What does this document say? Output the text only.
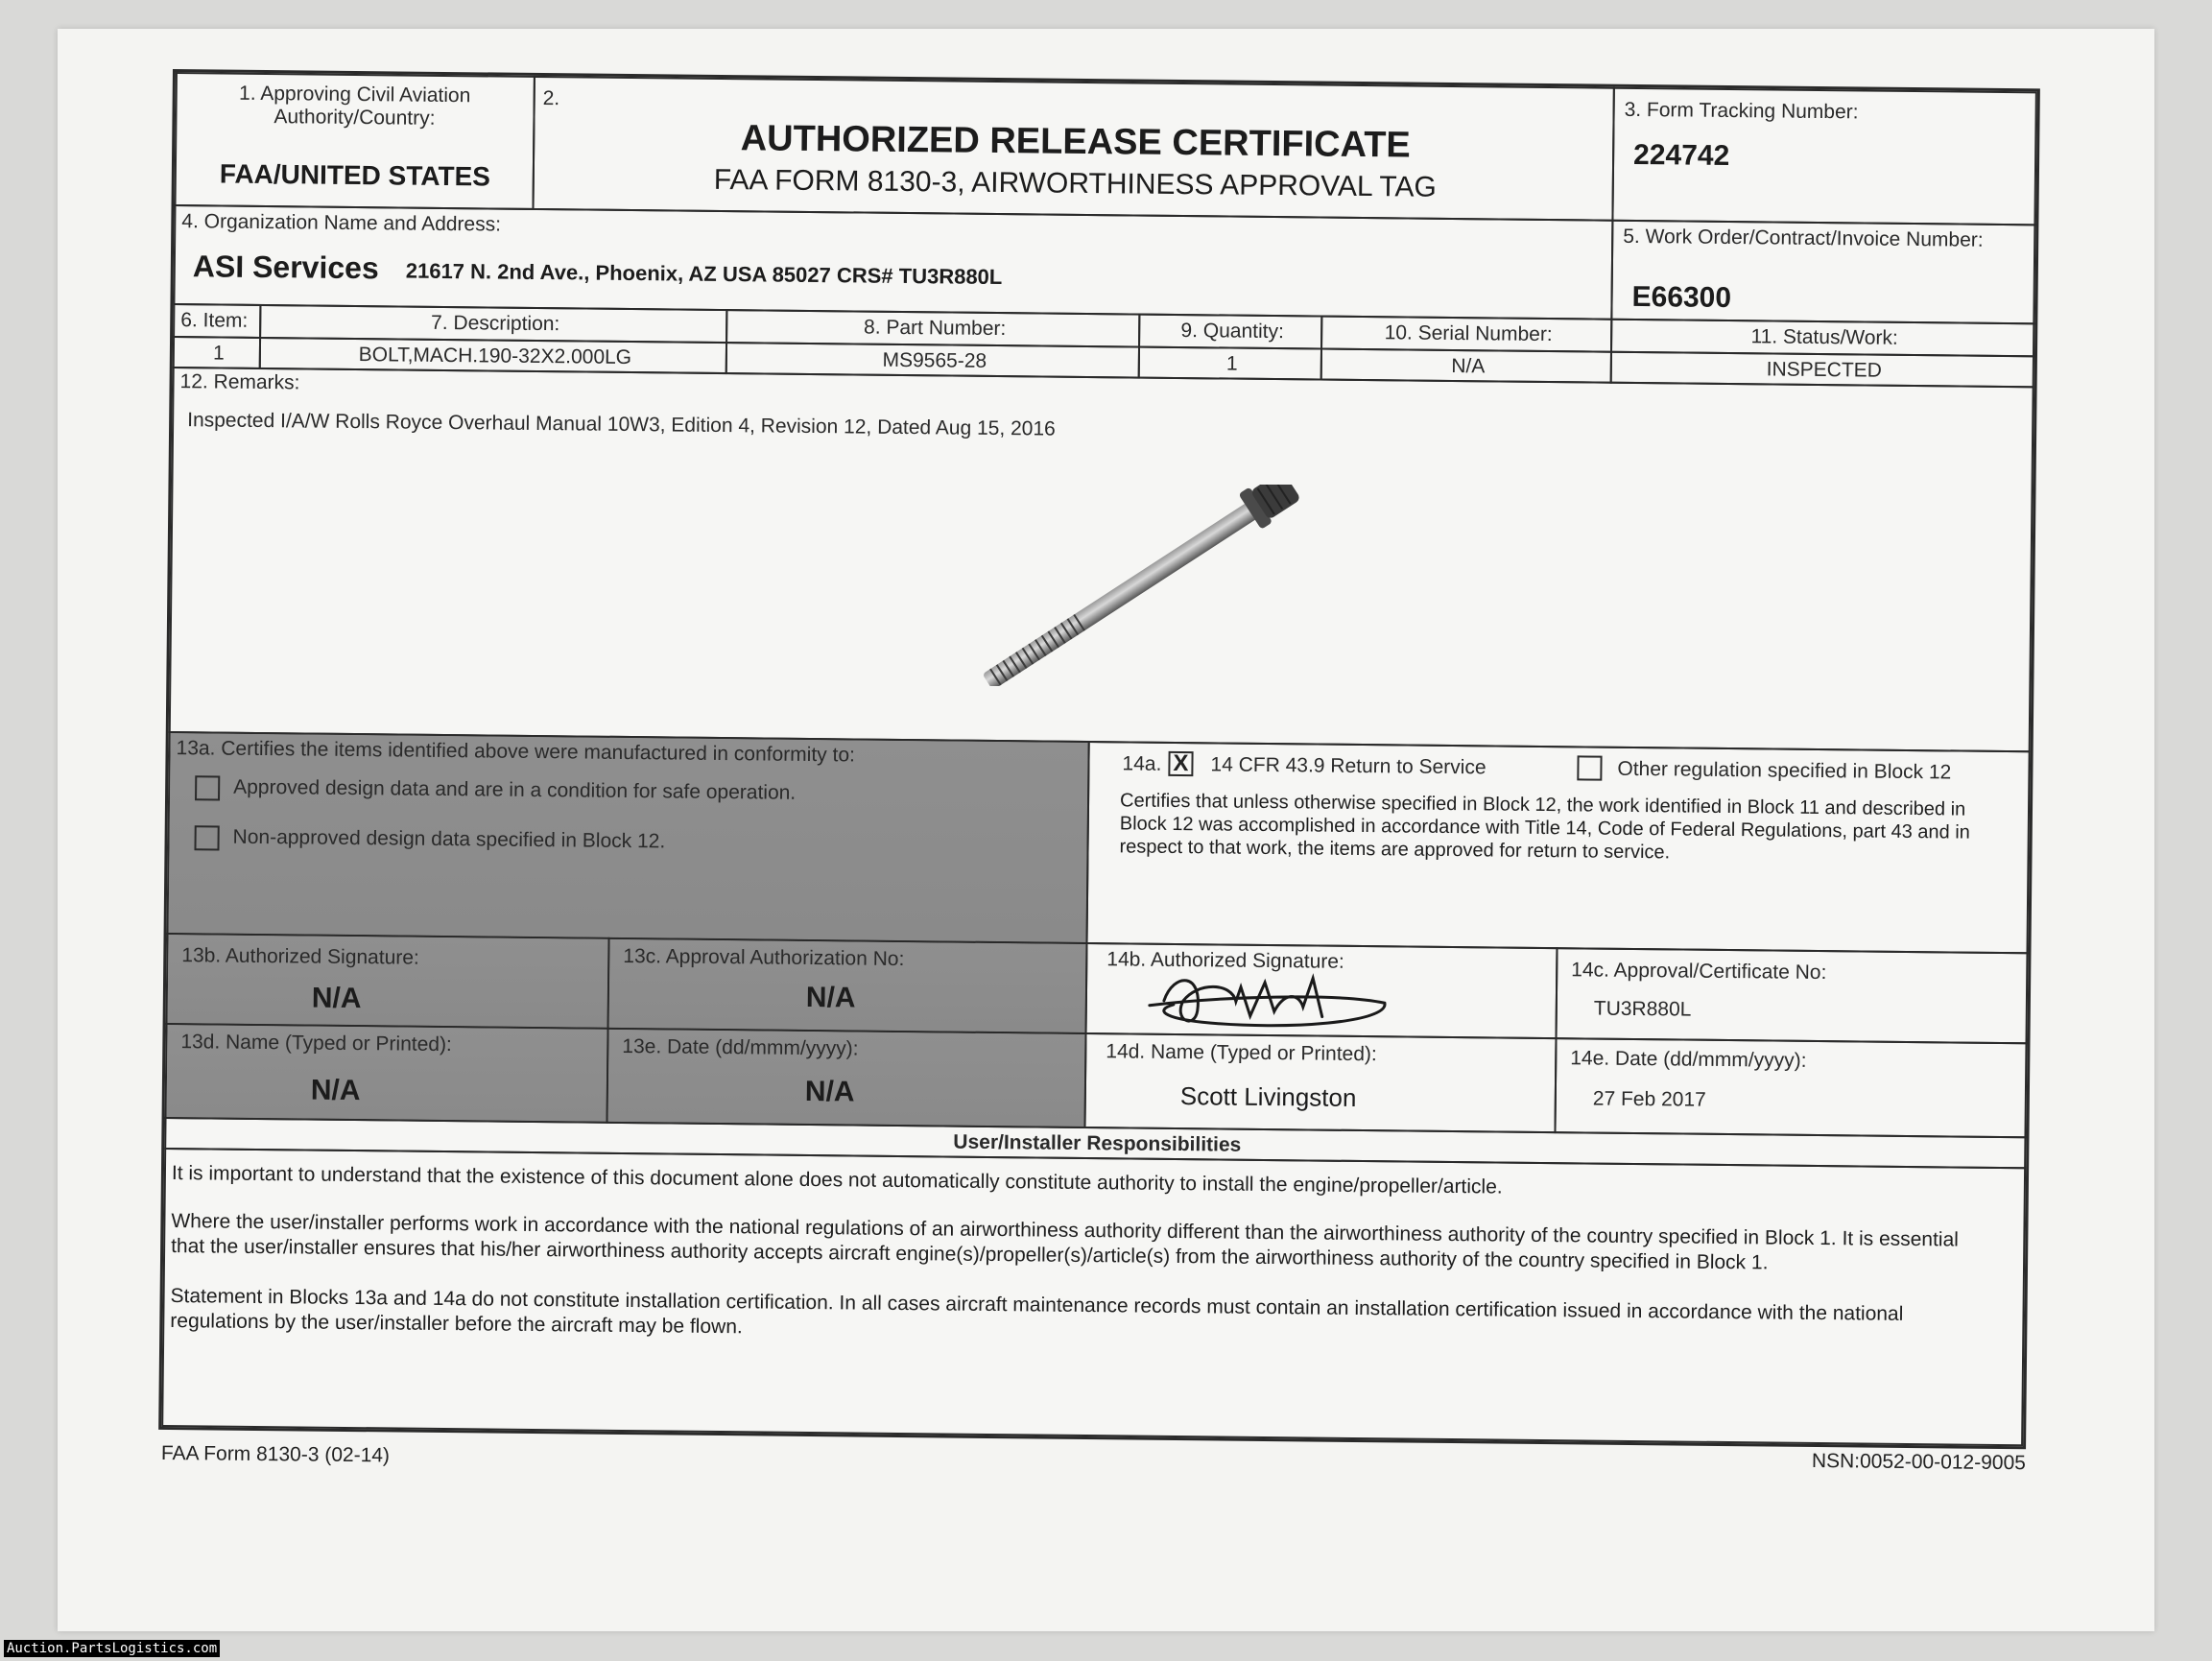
1. Approving Civil Aviation Authority/Country:
FAA/UNITED STATES
2.
AUTHORIZED RELEASE CERTIFICATE
FAA FORM 8130-3, AIRWORTHINESS APPROVAL TAG
3. Form Tracking Number:
224742
4. Organization Name and Address:
ASI Services 21617 N. 2nd Ave., Phoenix, AZ USA 85027 CRS# TU3R880L
5. Work Order/Contract/Invoice Number:
E66300
6. Item:	7. Description:	8. Part Number:	9. Quantity:	10. Serial Number:	11. Status/Work:
1	BOLT,MACH.190-32X2.000LG	MS9565-28	1	N/A	INSPECTED
12. Remarks:
Inspected I/A/W Rolls Royce Overhaul Manual 10W3, Edition 4, Revision 12, Dated Aug 15, 2016
13a. Certifies the items identified above were manufactured in conformity to:
Approved design data and are in a condition for safe operation.
Non-approved design data specified in Block 12.
14a. X 14 CFR 43.9 Return to Service	Other regulation specified in Block 12
Certifies that unless otherwise specified in Block 12, the work identified in Block 11 and described in Block 12 was accomplished in accordance with Title 14, Code of Federal Regulations, part 43 and in respect to that work, the items are approved for return to service.
13b. Authorized Signature:
N/A
13c. Approval Authorization No:
N/A
14b. Authorized Signature:	14c. Approval/Certificate No:
TU3R880L
13d. Name (Typed or Printed):
N/A
13e. Date (dd/mmm/yyyy):
N/A
14d. Name (Typed or Printed):
Scott Livingston
14e. Date (dd/mmm/yyyy):
27 Feb 2017
User/Installer Responsibilities
It is important to understand that the existence of this document alone does not automatically constitute authority to install the engine/propeller/article.
Where the user/installer performs work in accordance with the national regulations of an airworthiness authority different than the airworthiness authority of the country specified in Block 1. It is essential that the user/installer ensures that his/her airworthiness authority accepts aircraft engine(s)/propeller(s)/article(s) from the airworthiness authority of the country specified in Block 1.
Statement in Blocks 13a and 14a do not constitute installation certification. In all cases aircraft maintenance records must contain an installation certification issued in accordance with the national regulations by the user/installer before the aircraft may be flown.
FAA Form 8130-3 (02-14)	NSN:0052-00-012-9005
Auction.PartsLogistics.com
